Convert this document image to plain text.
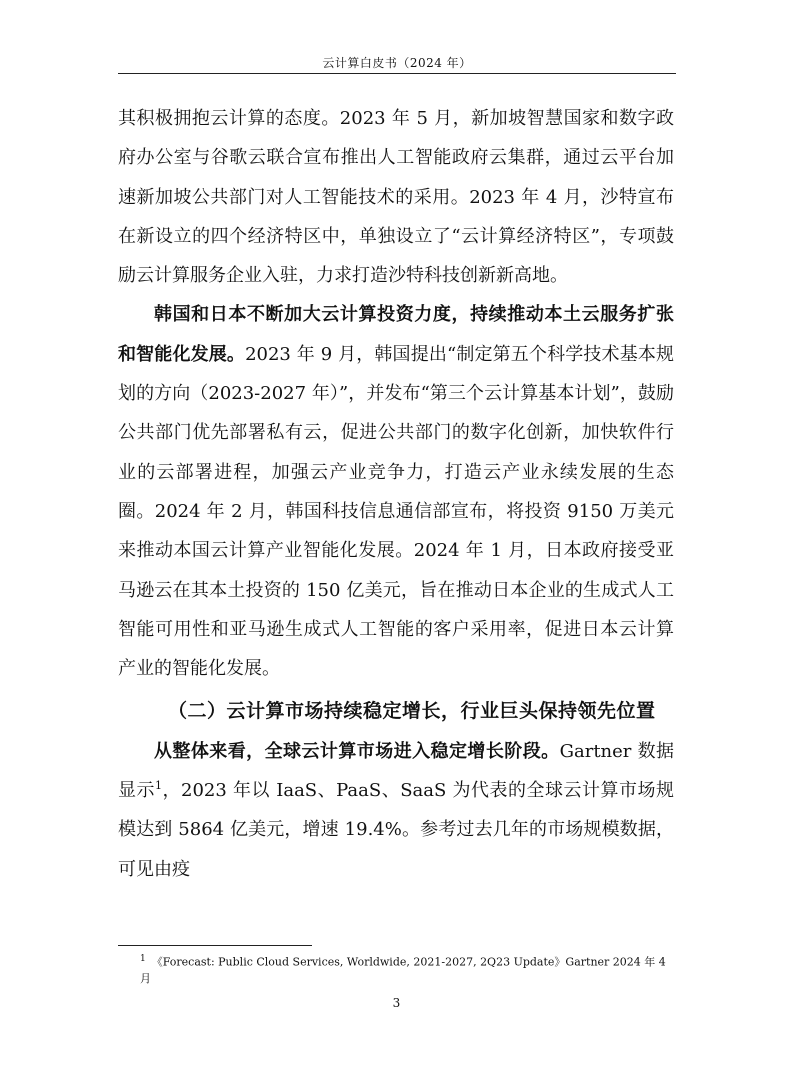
云计算白皮书（2024 年）

其积极拥抱云计算的态度。2023 年 5 月，新加坡智慧国家和数字政府办公室与谷歌云联合宣布推出人工智能政府云集群，通过云平台加速新加坡公共部门对人工智能技术的采用。2023 年 4 月，沙特宣布在新设立的四个经济特区中，单独设立了“云计算经济特区”，专项鼓励云计算服务企业入驻，力求打造沙特科技创新新高地。

韩国和日本不断加大云计算投资力度，持续推动本土云服务扩张和智能化发展。2023 年 9 月，韩国提出“制定第五个科学技术基本规划的方向（2023-2027 年）”，并发布“第三个云计算基本计划”，鼓励公共部门优先部署私有云，促进公共部门的数字化创新，加快软件行业的云部署进程，加强云产业竞争力，打造云产业永续发展的生态圈。2024 年 2 月，韩国科技信息通信部宣布，将投资 9150 万美元来推动本国云计算产业智能化发展。2024 年 1 月，日本政府接受亚马逊云在其本土投资的 150 亿美元，旨在推动日本企业的生成式人工智能可用性和亚马逊生成式人工智能的客户采用率，促进日本云计算产业的智能化发展。

（二）云计算市场持续稳定增长，行业巨头保持领先位置

从整体来看，全球云计算市场进入稳定增长阶段。Gartner 数据显示$^1$，2023 年以 IaaS、PaaS、SaaS 为代表的全球云计算市场规模达到 5864 亿美元，增速 19.4%。参考过去几年的市场规模数据，可见由疫

$^1$ 《Forecast: Public Cloud Services, Worldwide, 2021-2027, 2Q23 Update》Gartner 2024 年 4 月
3
